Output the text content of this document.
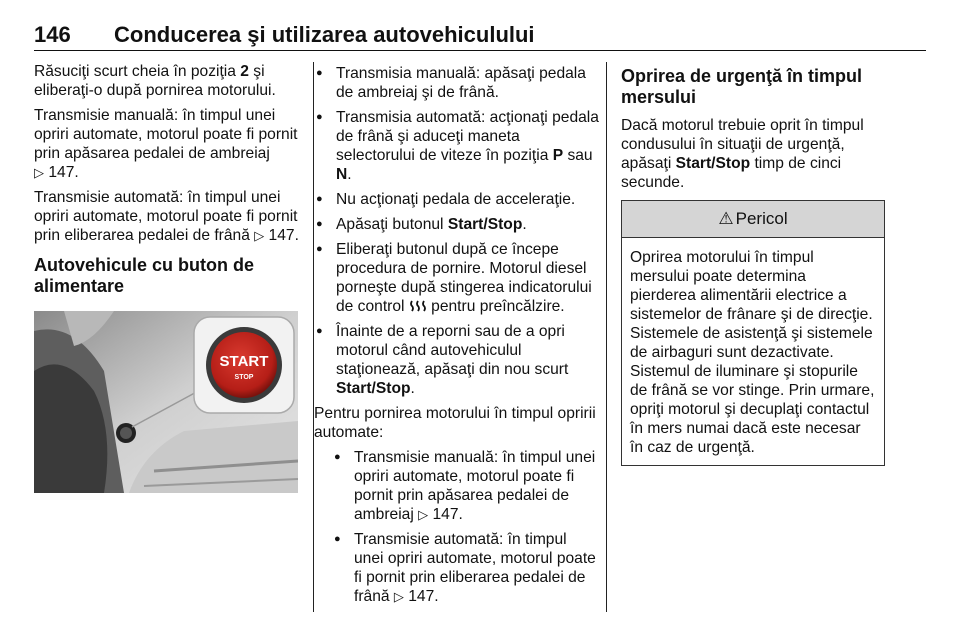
146 Conducerea şi utilizarea autovehiculului

Răsuciţi scurt cheia în poziţia 2 şi eliberaţi-o după pornirea motorului.

Transmisie manuală: în timpul unei opriri automate, motorul poate fi pornit prin apăsarea pedalei de ambreiaj ▷ 147.

Transmisie automată: în timpul unei opriri automate, motorul poate fi pornit prin eliberarea pedalei de frână ▷ 147.

Autovehicule cu buton de alimentare
START
STOP
● Transmisia manuală: apăsaţi pedala de ambreiaj şi de frână.
● Transmisia automată: acţionaţi pedala de frână şi aduceţi maneta selectorului de viteze în poziţia P sau N.
● Nu acţionaţi pedala de acceleraţie.
● Apăsaţi butonul Start/Stop.
● Eliberaţi butonul după ce începe procedura de pornire. Motorul diesel porneşte după stingerea indicatorului de control  pentru preîncălzire.
● Înainte de a reporni sau de a opri motorul când autovehiculul staţionează, apăsaţi din nou scurt Start/Stop.

Pentru pornirea motorului în timpul opririi automate:

● Transmisie manuală: în timpul unei opriri automate, motorul poate fi pornit prin apăsarea pedalei de ambreiaj ▷ 147.
● Transmisie automată: în timpul unei opriri automate, motorul poate fi pornit prin eliberarea pedalei de frână ▷ 147.
Oprirea de urgenţă în timpul mersului

Dacă motorul trebuie oprit în timpul condusului în situaţii de urgenţă, apăsaţi Start/Stop timp de cinci secunde.

⚠ Pericol
Oprirea motorului în timpul mersului poate determina pierderea alimentării electrice a sistemelor de frânare şi de direcţie. Sistemele de asistenţă şi sistemele de airbaguri sunt dezactivate. Sistemul de iluminare şi stopurile de frână se vor stinge. Prin urmare, opriţi motorul şi decuplaţi contactul în mers numai dacă este necesar în caz de urgenţă.
